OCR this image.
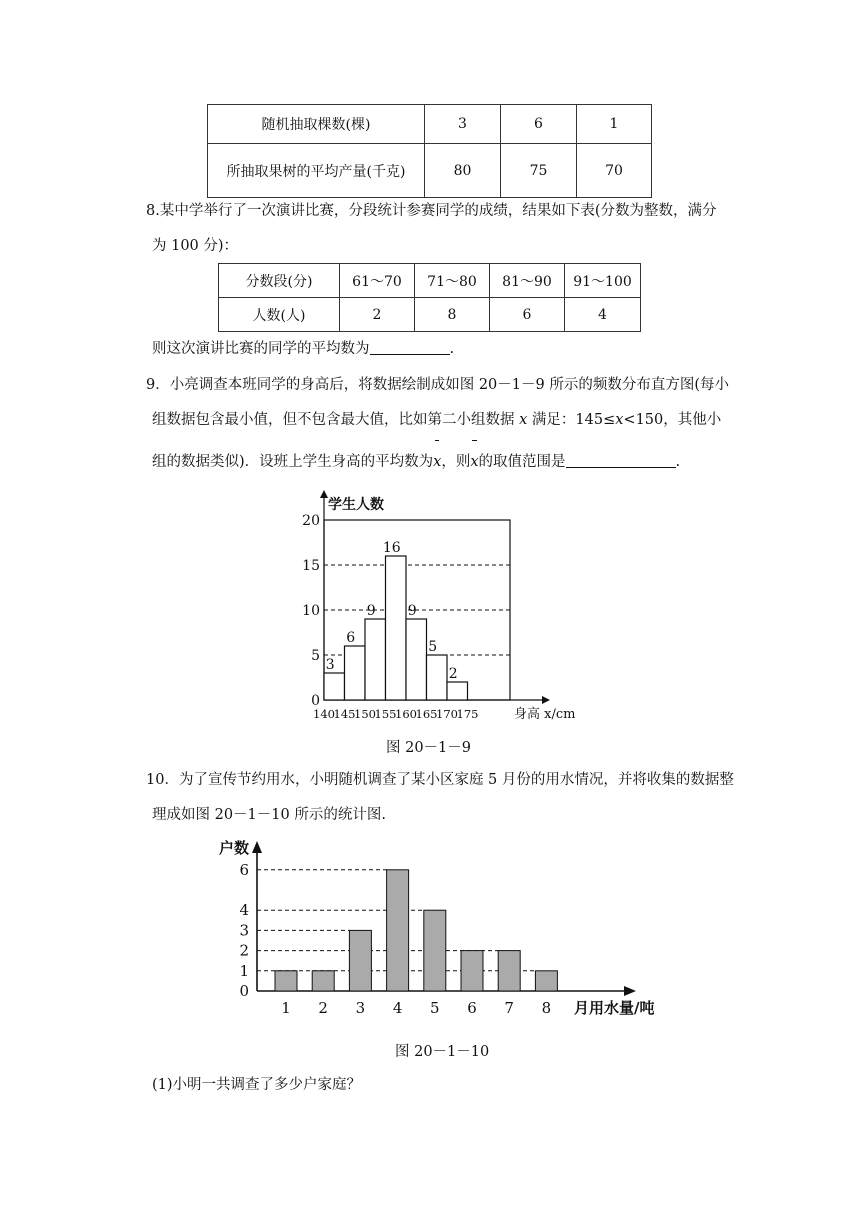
随机抽取棵数(棵)	3	6	1
所抽取果树的平均产量(千克)	80	75	70
8.某中学举行了一次演讲比赛，分段统计参赛同学的成绩，结果如下表(分数为整数，满分
为 100 分)：
分数段(分)	61～70	71～80	81～90	91～100
人数(人)	2	8	6	4
则这次演讲比赛的同学的平均数为	.
9．小亮调查本班同学的身高后，将数据绘制成如图 20－1－9 所示的频数分布直方图(每小
组数据包含最小值，但不包含最大值，比如第二小组数据 x 满足：145≤x<150，其他小
组的数据类似)．设班上学生身高的平均数为x，则x的取值范围是	.
学生人数
0
5
10
15
20
3
6
9
16
9
5
2
140
145
150
155
160
165
170
175	身高 x/cm
图 20－1－9
10．为了宣传节约用水，小明随机调查了某小区家庭 5 月份的用水情况，并将收集的数据整
理成如图 20－1－10 所示的统计图.
户数
0
1
2
3
4
6
1 2 3 4 5 6 7 8 月用水量/吨
图 20－1－10
(1)小明一共调查了多少户家庭？
